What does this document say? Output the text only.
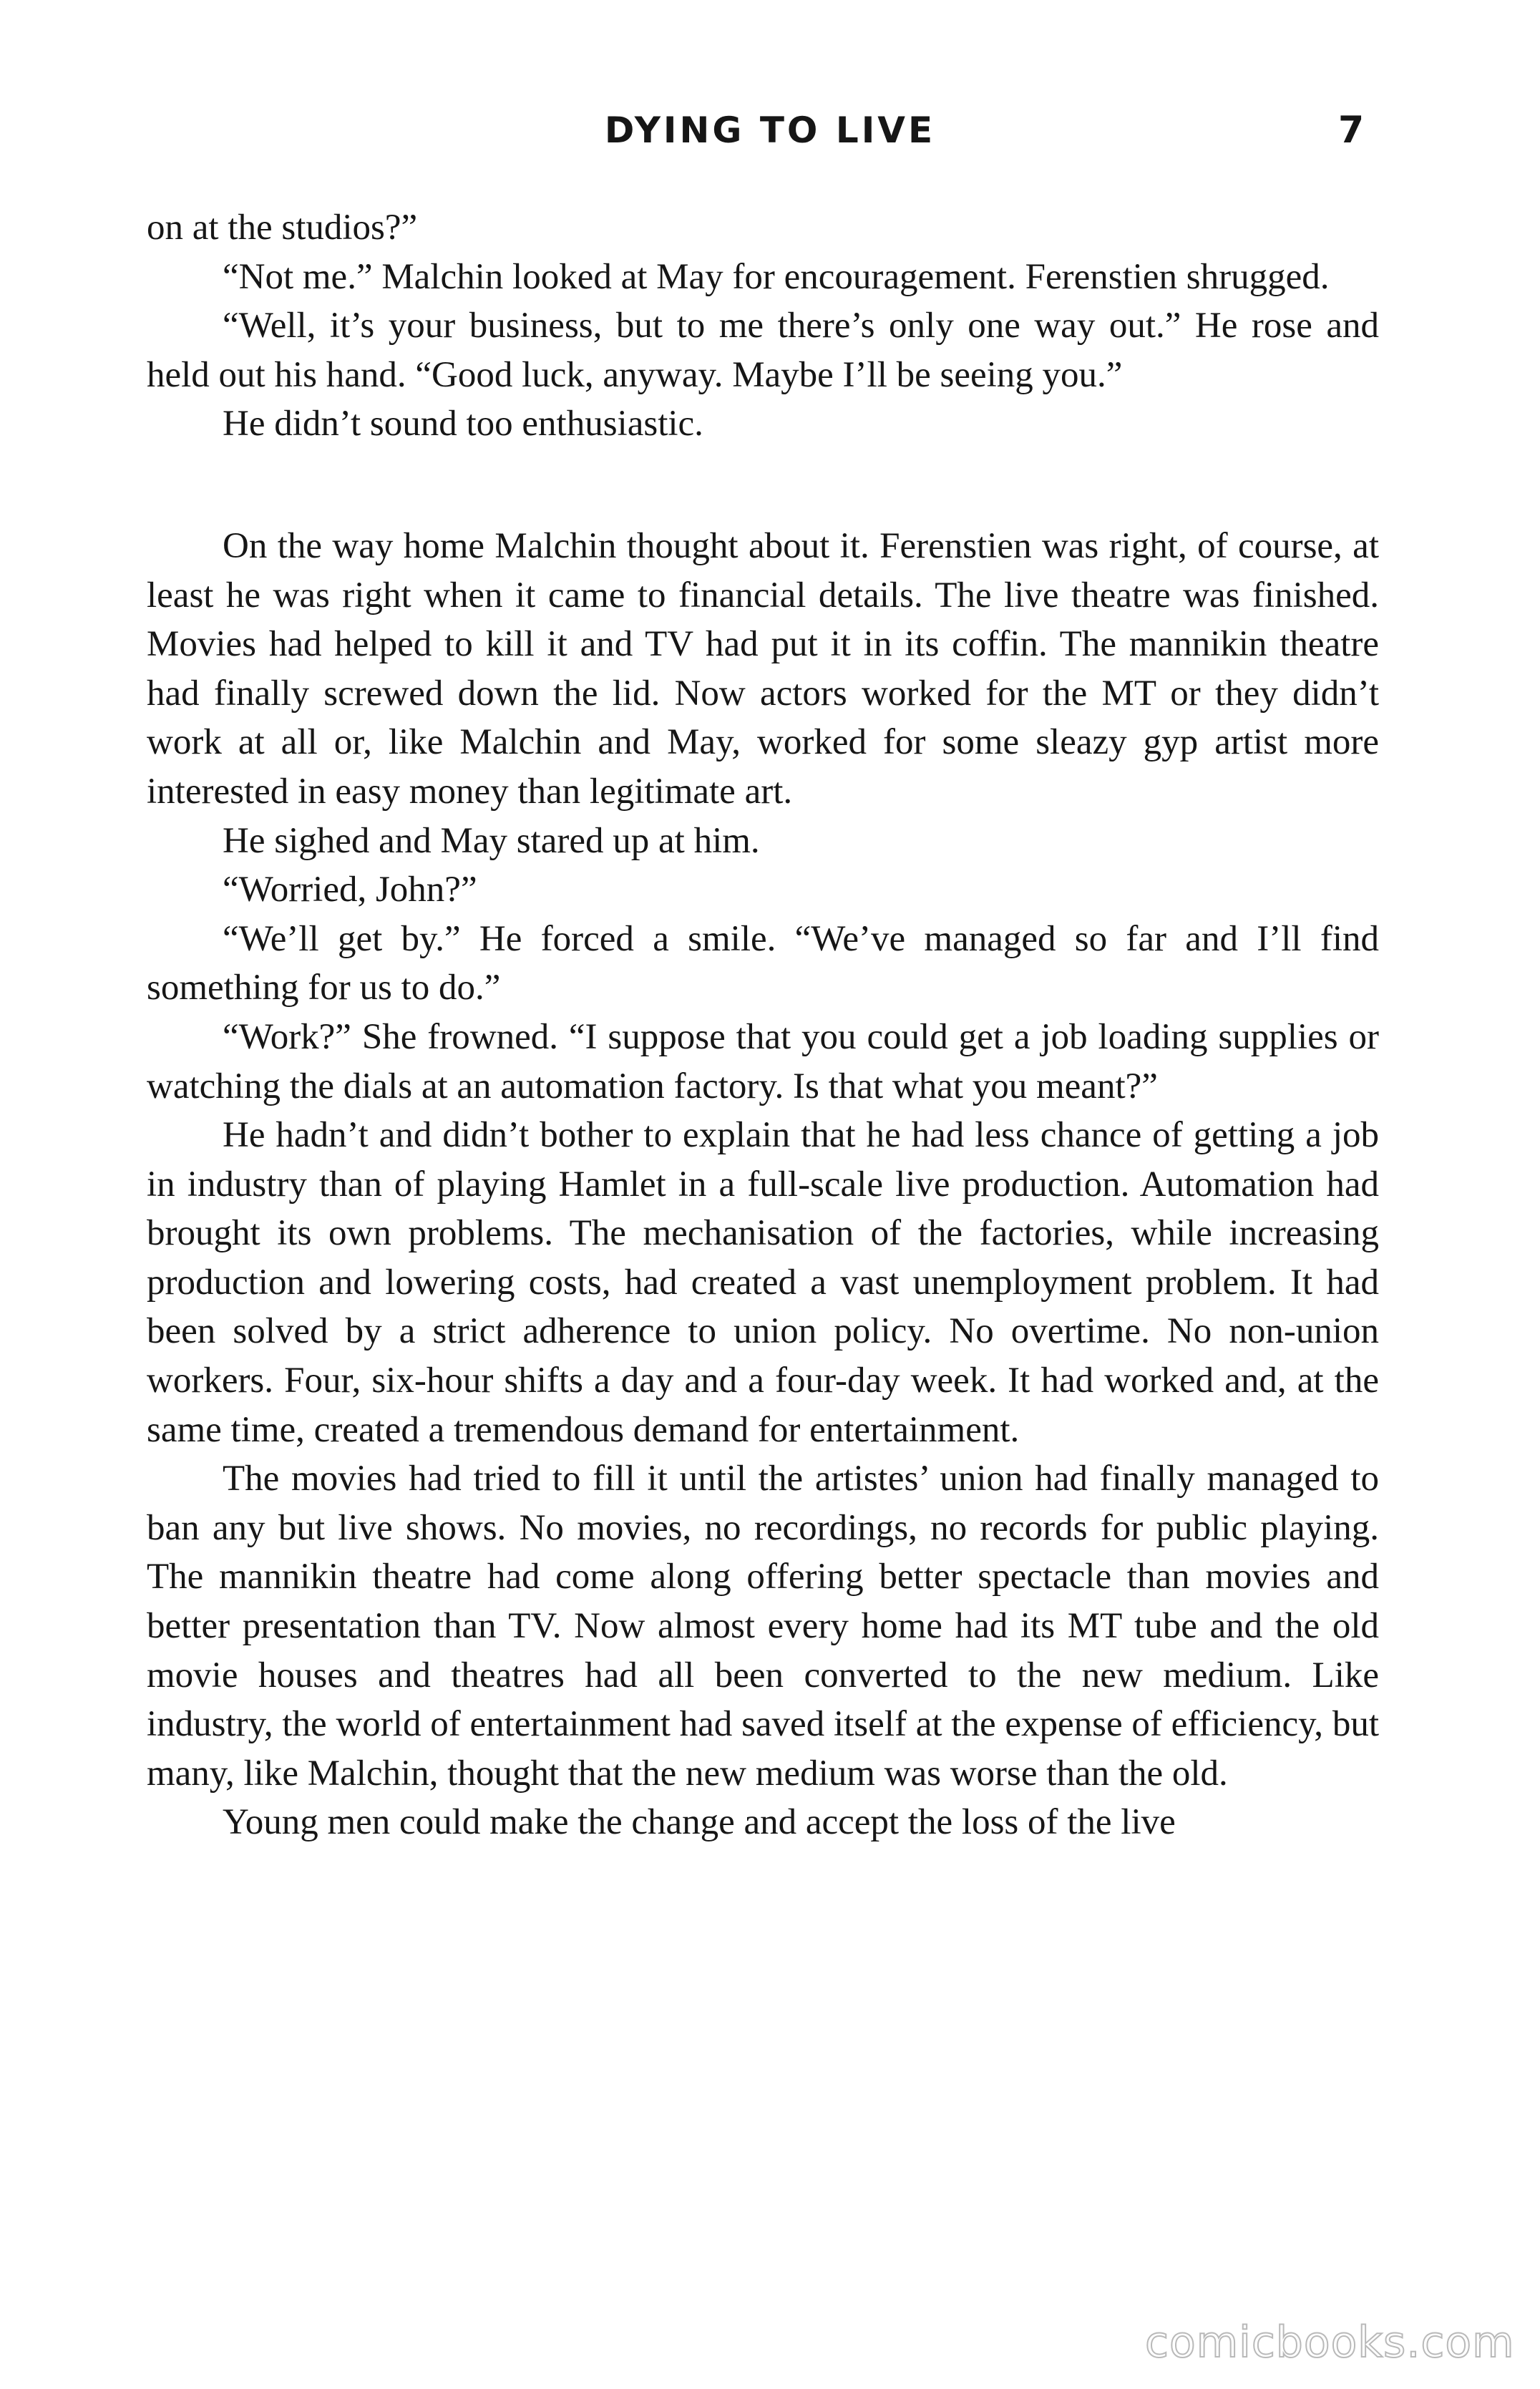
DYING TO LIVE	7

on at the studios?”

“Not me.” Malchin looked at May for encouragement. Ferenstien shrugged.

“Well, it’s your business, but to me there’s only one way out.” He rose and held out his hand. “Good luck, anyway. Maybe I’ll be seeing you.”

He didn’t sound too enthusiastic.

On the way home Malchin thought about it. Ferenstien was right, of course, at least he was right when it came to financial details. The live theatre was finished. Movies had helped to kill it and TV had put it in its coffin. The mannikin theatre had finally screwed down the lid. Now actors worked for the MT or they didn’t work at all or, like Malchin and May, worked for some sleazy gyp artist more interested in easy money than legitimate art.

He sighed and May stared up at him.

“Worried, John?”

“We’ll get by.” He forced a smile. “We’ve managed so far and I’ll find something for us to do.”

“Work?” She frowned. “I suppose that you could get a job loading supplies or watching the dials at an automation factory. Is that what you meant?”

He hadn’t and didn’t bother to explain that he had less chance of getting a job in industry than of playing Hamlet in a full-scale live production. Automation had brought its own problems. The mechanisation of the factories, while increasing production and lowering costs, had created a vast unemployment problem. It had been solved by a strict adherence to union policy. No overtime. No non-union workers. Four, six-hour shifts a day and a four-day week. It had worked and, at the same time, created a tremendous demand for entertainment.

The movies had tried to fill it until the artistes’ union had finally managed to ban any but live shows. No movies, no recordings, no records for public playing. The mannikin theatre had come along offering better spectacle than movies and better presentation than TV. Now almost every home had its MT tube and the old movie houses and theatres had all been converted to the new medium. Like industry, the world of entertainment had saved itself at the expense of efficiency, but many, like Malchin, thought that the new medium was worse than the old.

Young men could make the change and accept the loss of the live

comicbooks.com
